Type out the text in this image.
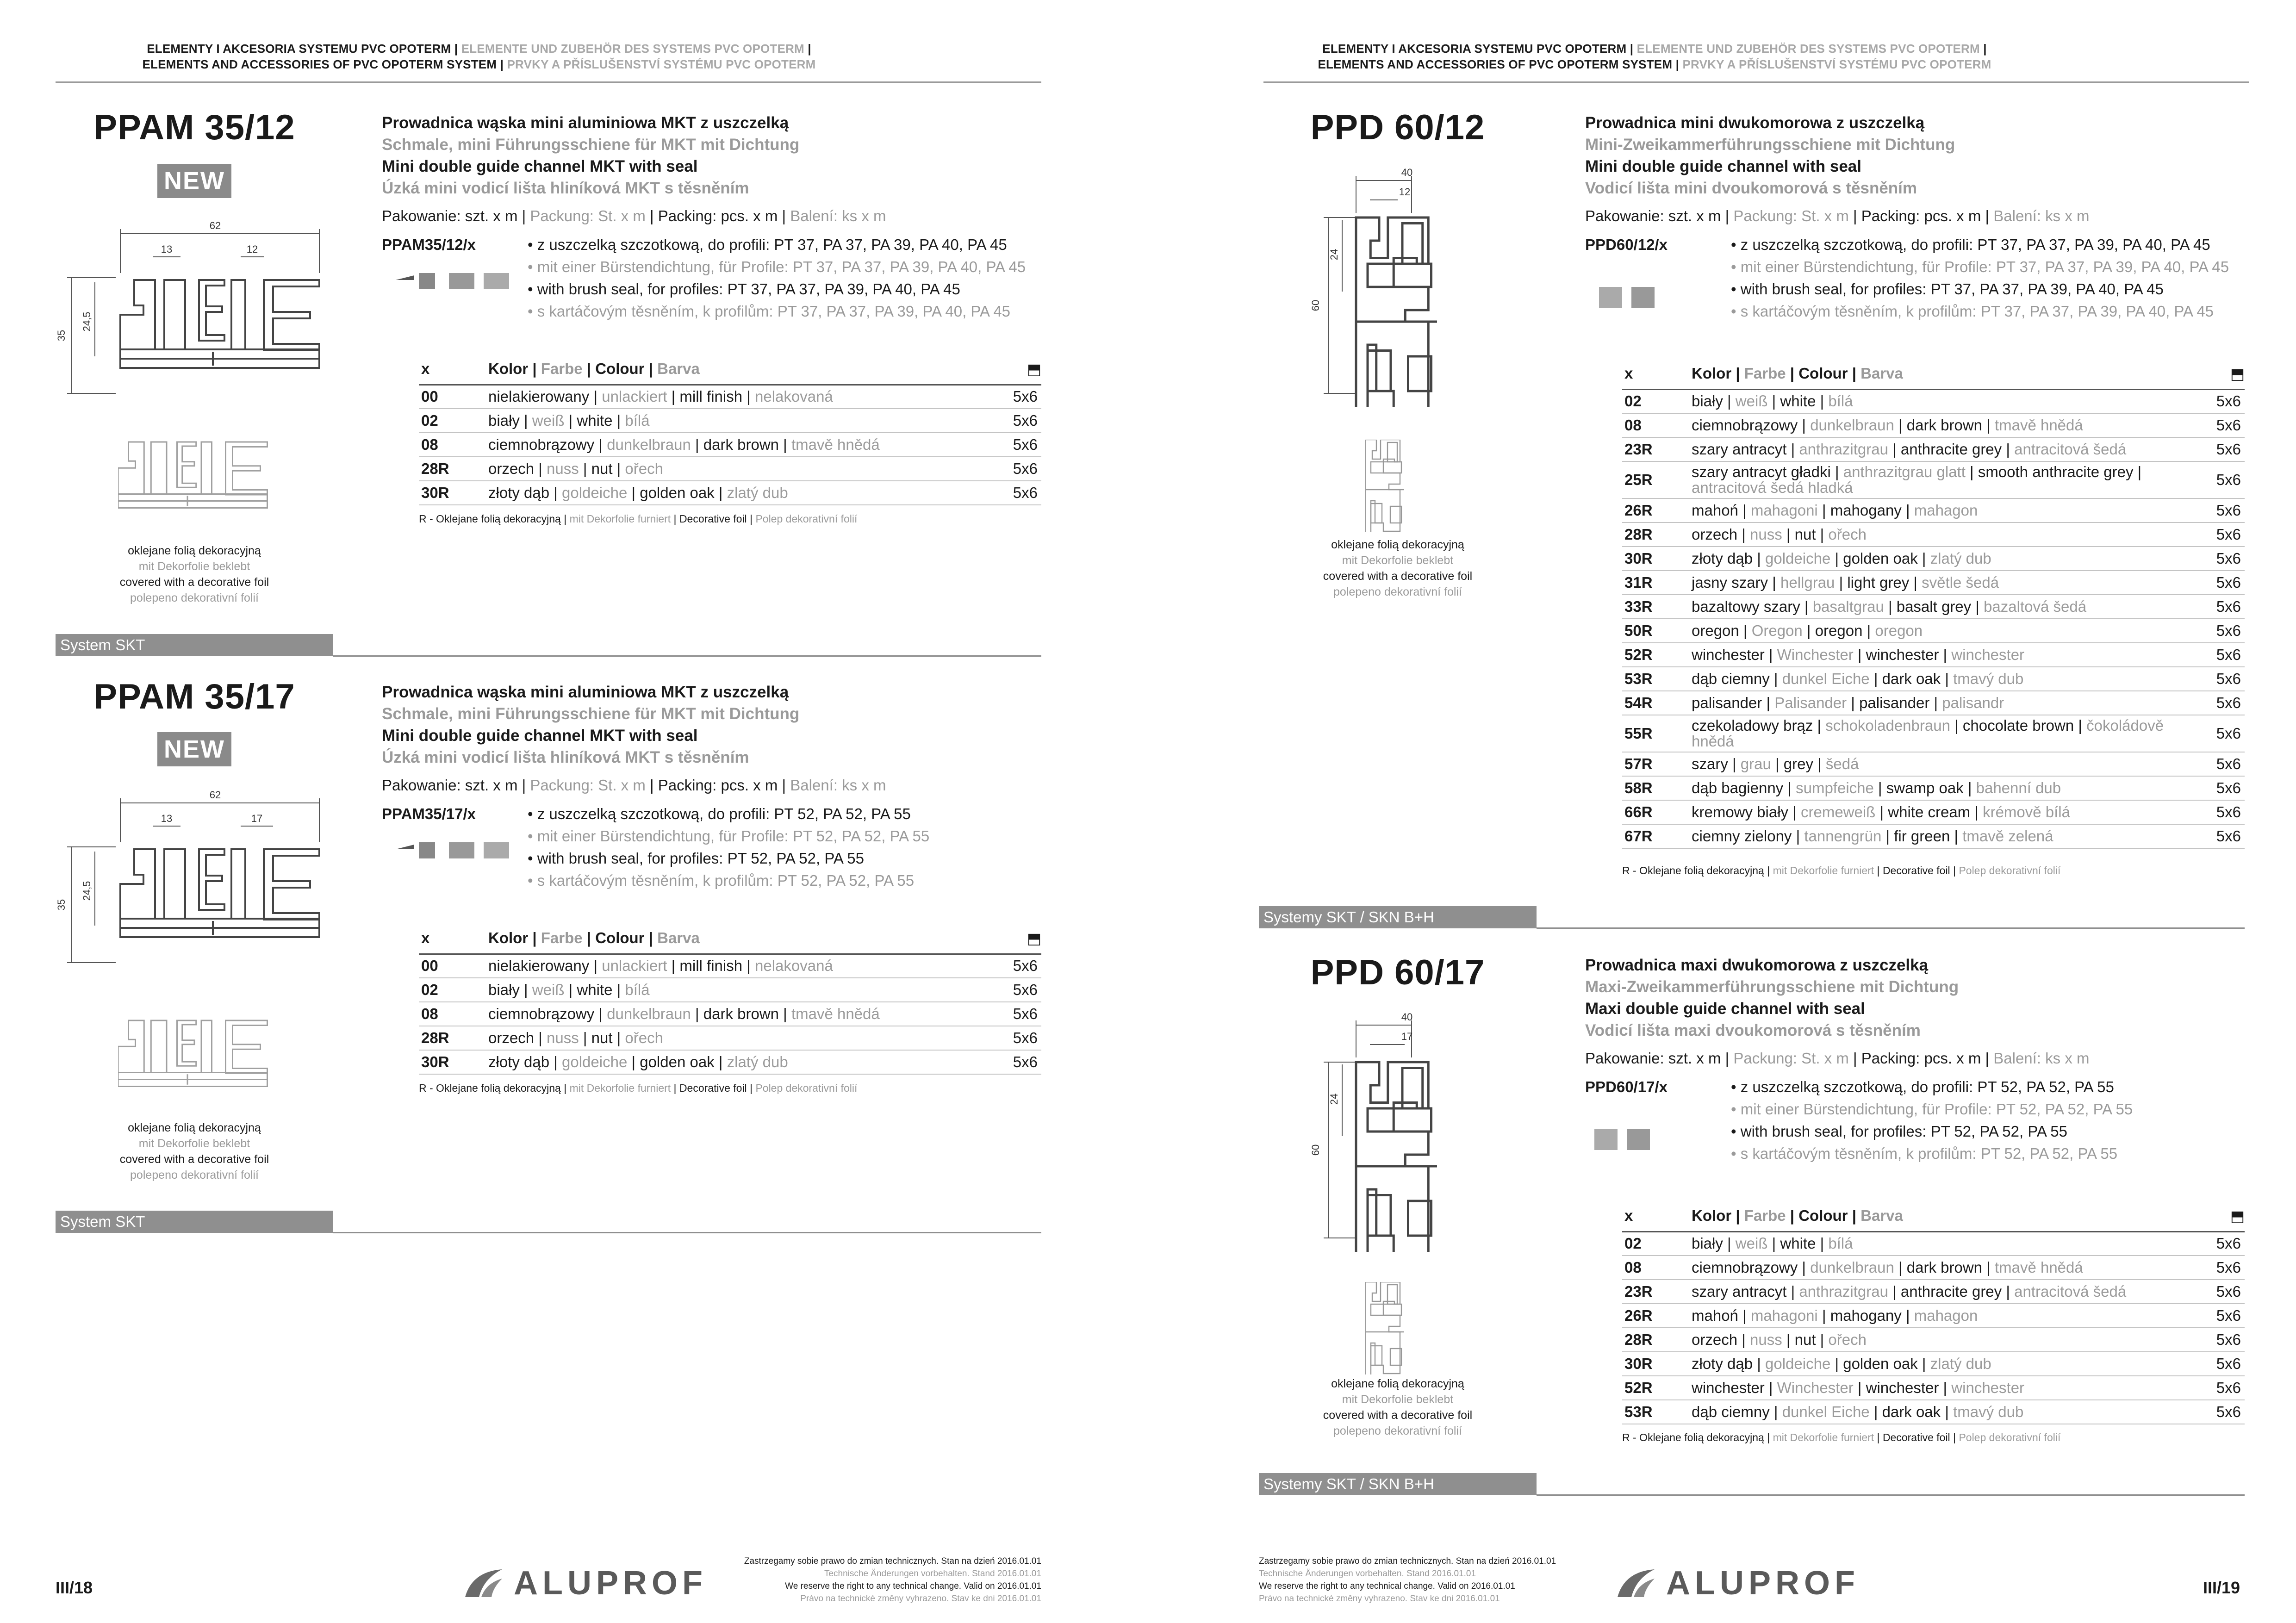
ELEMENTY I AKCESORIA SYSTEMU PVC OPOTERM | ELEMENTE UND ZUBEHÖR DES SYSTEMS PVC OPOTERM |
ELEMENTS AND ACCESSORIES OF PVC OPOTERM SYSTEM | PRVKY A PŘÍSLUŠENSTVÍ SYSTÉMU PVC OPOTERM
ELEMENTY I AKCESORIA SYSTEMU PVC OPOTERM | ELEMENTE UND ZUBEHÖR DES SYSTEMS PVC OPOTERM |
ELEMENTS AND ACCESSORIES OF PVC OPOTERM SYSTEM | PRVKY A PŘÍSLUŠENSTVÍ SYSTÉMU PVC OPOTERM
PPAM 35/12
NEW
62
13	12
35
24,5
oklejane folią dekoracyjną
mit Dekorfolie beklebt
covered with a decorative foil
polepeno dekorativní folií
Prowadnica wąska mini aluminiowa MKT z uszczelką
Schmale, mini Führungsschiene für MKT mit Dichtung
Mini double guide channel MKT with seal
Úzká mini vodicí lišta hliníková MKT s těsněním
Pakowanie: szt. x m | Packung: St. x m | Packing: pcs. x m | Balení: ks x m
PPAM35/12/x	• z uszczelką szczotkową, do profili: PT 37, PA 37, PA 39, PA 40, PA 45
• mit einer Bürstendichtung, für Profile: PT 37, PA 37, PA 39, PA 40, PA 45
• with brush seal, for profiles: PT 37, PA 37, PA 39, PA 40, PA 45
• s kartáčovým těsněním, k profilům: PT 37, PA 37, PA 39, PA 40, PA 45
x	Kolor | Farbe | Colour | Barva	⬒
00	nielakierowany | unlackiert | mill finish | nelakovaná	5x6
02	biały | weiß | white | bílá	5x6
08	ciemnobrązowy | dunkelbraun | dark brown | tmavě hnědá	5x6
28R	orzech | nuss | nut | ořech	5x6
30R	złoty dąb | goldeiche | golden oak | zlatý dub	5x6
R - Oklejane folią dekoracyjną | mit Dekorfolie furniert | Decorative foil | Polep dekorativní folií
System SKT
PPAM 35/17
NEW
62
13	17
35
24,5
oklejane folią dekoracyjną
mit Dekorfolie beklebt
covered with a decorative foil
polepeno dekorativní folií
Prowadnica wąska mini aluminiowa MKT z uszczelką
Schmale, mini Führungsschiene für MKT mit Dichtung
Mini double guide channel MKT with seal
Úzká mini vodicí lišta hliníková MKT s těsněním
Pakowanie: szt. x m | Packung: St. x m | Packing: pcs. x m | Balení: ks x m
PPAM35/17/x	• z uszczelką szczotkową, do profili: PT 52, PA 52, PA 55
• mit einer Bürstendichtung, für Profile: PT 52, PA 52, PA 55
• with brush seal, for profiles: PT 52, PA 52, PA 55
• s kartáčovým těsněním, k profilům: PT 52, PA 52, PA 55
x	Kolor | Farbe | Colour | Barva	⬒
00	nielakierowany | unlackiert | mill finish | nelakovaná	5x6
02	biały | weiß | white | bílá	5x6
08	ciemnobrązowy | dunkelbraun | dark brown | tmavě hnědá	5x6
28R	orzech | nuss | nut | ořech	5x6
30R	złoty dąb | goldeiche | golden oak | zlatý dub	5x6
R - Oklejane folią dekoracyjną | mit Dekorfolie furniert | Decorative foil | Polep dekorativní folií
System SKT
PPD 60/12
40
12
60
24
oklejane folią dekoracyjną
mit Dekorfolie beklebt
covered with a decorative foil
polepeno dekorativní folií
Prowadnica mini dwukomorowa z uszczelką
Mini-Zweikammerführungsschiene mit Dichtung
Mini double guide channel with seal
Vodicí lišta mini dvoukomorová s těsněním
Pakowanie: szt. x m | Packung: St. x m | Packing: pcs. x m | Balení: ks x m
PPD60/12/x	• z uszczelką szczotkową, do profili: PT 37, PA 37, PA 39, PA 40, PA 45
• mit einer Bürstendichtung, für Profile: PT 37, PA 37, PA 39, PA 40, PA 45
• with brush seal, for profiles: PT 37, PA 37, PA 39, PA 40, PA 45
• s kartáčovým těsněním, k profilům: PT 37, PA 37, PA 39, PA 40, PA 45
x	Kolor | Farbe | Colour | Barva	⬒
02	biały | weiß | white | bílá	5x6
08	ciemnobrązowy | dunkelbraun | dark brown | tmavě hnědá	5x6
23R	szary antracyt | anthrazitgrau | anthracite grey | antracitová šedá	5x6
25R	szary antracyt gładki | anthrazitgrau glatt | smooth anthracite grey | antracitová šedá hladká	5x6
26R	mahoń | mahagoni | mahogany | mahagon	5x6
28R	orzech | nuss | nut | ořech	5x6
30R	złoty dąb | goldeiche | golden oak | zlatý dub	5x6
31R	jasny szary | hellgrau | light grey | světle šedá	5x6
33R	bazaltowy szary | basaltgrau | basalt grey | bazaltová šedá	5x6
50R	oregon | Oregon | oregon | oregon	5x6
52R	winchester | Winchester | winchester | winchester	5x6
53R	dąb ciemny | dunkel Eiche | dark oak | tmavý dub	5x6
54R	palisander | Palisander | palisander | palisandr	5x6
55R	czekoladowy brąz | schokoladenbraun | chocolate brown | čokoládově hnědá	5x6
57R	szary | grau | grey | šedá	5x6
58R	dąb bagienny | sumpfeiche | swamp oak | bahenní dub	5x6
66R	kremowy biały | cremeweiß | white cream | krémově bílá	5x6
67R	ciemny zielony | tannengrün | fir green | tmavě zelená	5x6
R - Oklejane folią dekoracyjną | mit Dekorfolie furniert | Decorative foil | Polep dekorativní folií
Systemy SKT / SKN B+H
PPD 60/17
40
17
60
24
oklejane folią dekoracyjną
mit Dekorfolie beklebt
covered with a decorative foil
polepeno dekorativní folií
Prowadnica maxi dwukomorowa z uszczelką
Maxi-Zweikammerführungsschiene mit Dichtung
Maxi double guide channel with seal
Vodicí lišta maxi dvoukomorová s těsněním
Pakowanie: szt. x m | Packung: St. x m | Packing: pcs. x m | Balení: ks x m
PPD60/17/x	• z uszczelką szczotkową, do profili: PT 52, PA 52, PA 55
• mit einer Bürstendichtung, für Profile: PT 52, PA 52, PA 55
• with brush seal, for profiles: PT 52, PA 52, PA 55
• s kartáčovým těsněním, k profilům: PT 52, PA 52, PA 55
x	Kolor | Farbe | Colour | Barva	⬒
02	biały | weiß | white | bílá	5x6
08	ciemnobrązowy | dunkelbraun | dark brown | tmavě hnědá	5x6
23R	szary antracyt | anthrazitgrau | anthracite grey | antracitová šedá	5x6
26R	mahoń | mahagoni | mahogany | mahagon	5x6
28R	orzech | nuss | nut | ořech	5x6
30R	złoty dąb | goldeiche | golden oak | zlatý dub	5x6
52R	winchester | Winchester | winchester | winchester	5x6
53R	dąb ciemny | dunkel Eiche | dark oak | tmavý dub	5x6
R - Oklejane folią dekoracyjną | mit Dekorfolie furniert | Decorative foil | Polep dekorativní folií
Systemy SKT / SKN B+H
III/18	ALUPROF
Zastrzegamy sobie prawo do zmian technicznych. Stan na dzień 2016.01.01
Technische Änderungen vorbehalten. Stand 2016.01.01
We reserve the right to any technical change. Valid on 2016.01.01
Právo na technické změny vyhrazeno. Stav ke dni 2016.01.01
Zastrzegamy sobie prawo do zmian technicznych. Stan na dzień 2016.01.01
Technische Änderungen vorbehalten. Stand 2016.01.01
We reserve the right to any technical change. Valid on 2016.01.01
Právo na technické změny vyhrazeno. Stav ke dni 2016.01.01	ALUPROF	III/19
